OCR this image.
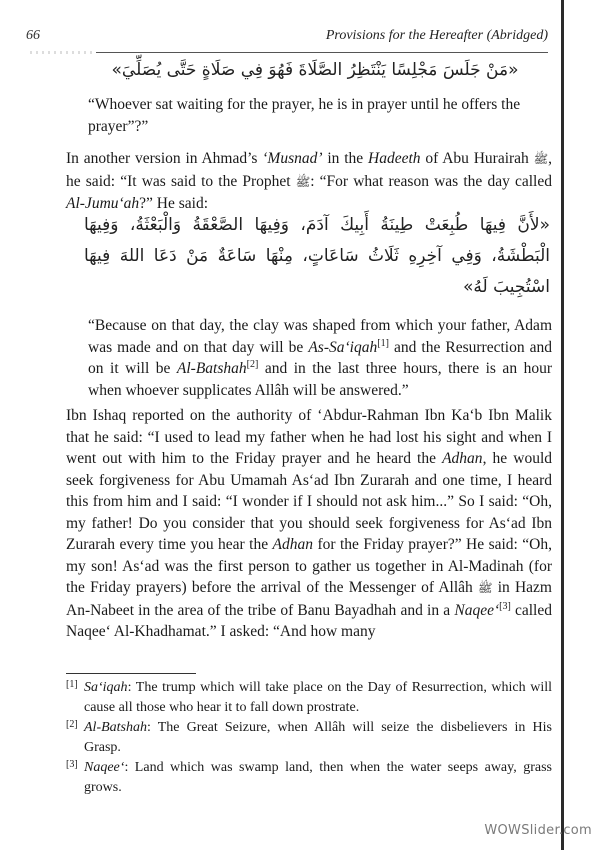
66	Provisions for the Hereafter (Abridged)
«مَنْ جَلَسَ مَجْلِسًا يَنْتَظِرُ الصَّلَاةَ فَهُوَ فِي صَلَاةٍ حَتَّى يُصَلِّيَ»
“Whoever sat waiting for the prayer, he is in prayer until he offers the prayer”?”
In another version in Ahmad’s ‘Musnad’ in the Hadeeth of Abu Hurairah ﷺ, he said: “It was said to the Prophet ﷺ: “For what reason was the day called Al-Jumu‘ah?” He said:
«لأَنَّ فِيهَا طُبِعَتْ طِينَةُ أَبِيكَ آدَمَ، وَفِيهَا الصَّعْقَةُ وَالْبَعْثَةُ، وَفِيهَا الْبَطْشَةُ، وَفِي آخِرِهِ ثَلَاثُ سَاعَاتٍ، مِنْهَا سَاعَةٌ مَنْ دَعَا اللهَ فِيهَا اسْتُجِيبَ لَهُ»
“Because on that day, the clay was shaped from which your father, Adam was made and on that day will be As-Sa‘iqah[1] and the Resurrection and on it will be Al-Batshah[2] and in the last three hours, there is an hour when whoever supplicates Allâh will be answered.”
Ibn Ishaq reported on the authority of ‘Abdur-Rahman Ibn Ka‘b Ibn Malik that he said: “I used to lead my father when he had lost his sight and when I went out with him to the Friday prayer and he heard the Adhan, he would seek forgiveness for Abu Umamah As‘ad Ibn Zurarah and one time, I heard this from him and I said: “I wonder if I should not ask him...” So I said: “Oh, my father! Do you consider that you should seek forgiveness for As‘ad Ibn Zurarah every time you hear the Adhan for the Friday prayer?” He said: “Oh, my son! As‘ad was the first person to gather us together in Al-Madinah (for the Friday prayers) before the arrival of the Messenger of Allâh ﷺ in Hazm An-Nabeet in the area of the tribe of Banu Bayadhah and in a Naqee‘[3] called Naqee‘ Al-Khadhamat.” I asked: “And how many
[1] Sa‘iqah: The trump which will take place on the Day of Resurrection, which will cause all those who hear it to fall down prostrate.
[2] Al-Batshah: The Great Seizure, when Allâh will seize the disbelievers in His Grasp.
[3] Naqee‘: Land which was swamp land, then when the water seeps away, grass grows.
WOWSlider.com
